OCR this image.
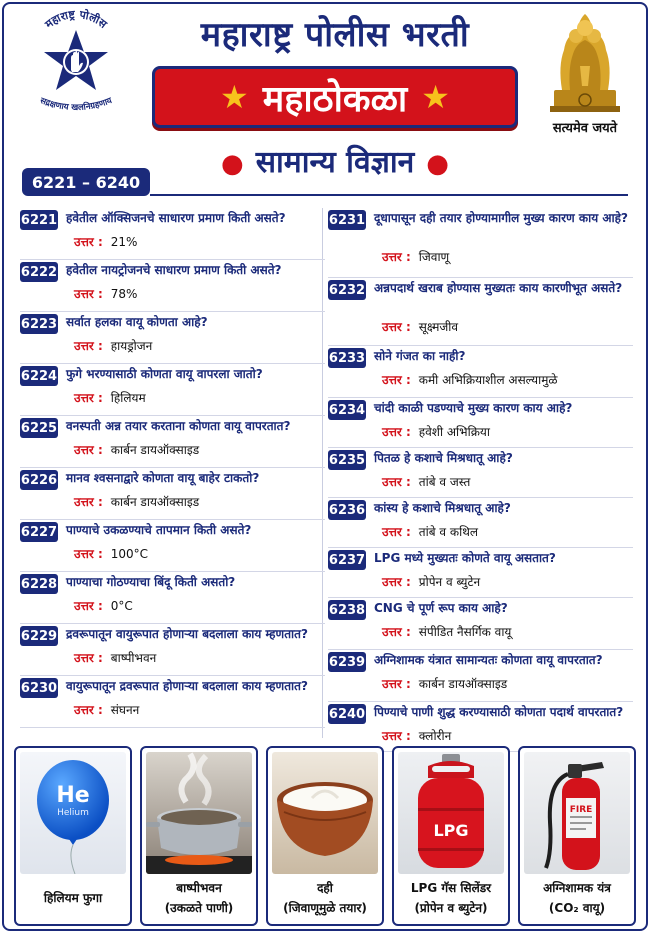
महाराष्ट्र पोलीस
सद्रक्षणाय खलनिग्रहणाय
महाराष्ट्र पोलीस भरती
★ महाठोकळा ★
सत्यमेव जयते
● सामान्य विज्ञान ●
6221 – 6240
6221 हवेतील ऑक्सिजनचे साधारण प्रमाण किती असते?
उत्तर : 21%
6222 हवेतील नायट्रोजनचे साधारण प्रमाण किती असते?
उत्तर : 78%
6223 सर्वात हलका वायू कोणता आहे?
उत्तर : हायड्रोजन
6224 फुगे भरण्यासाठी कोणता वायू वापरला जातो?
उत्तर : हिलियम
6225 वनस्पती अन्न तयार करताना कोणता वायू वापरतात?
उत्तर : कार्बन डायऑक्साइड
6226 मानव श्वसनाद्वारे कोणता वायू बाहेर टाकतो?
उत्तर : कार्बन डायऑक्साइड
6227 पाण्याचे उकळण्याचे तापमान किती असते?
उत्तर : 100°C
6228 पाण्याचा गोठण्याचा बिंदू किती असतो?
उत्तर : 0°C
6229 द्रवरूपातून वायुरूपात होणाऱ्या बदलाला काय म्हणतात?
उत्तर : बाष्पीभवन
6230 वायुरूपातून द्रवरूपात होणाऱ्या बदलाला काय म्हणतात?
उत्तर : संघनन
6231 दूधापासून दही तयार होण्यामागील मुख्य कारण काय आहे?
उत्तर : जिवाणू
6232 अन्नपदार्थ खराब होण्यास मुख्यतः काय कारणीभूत असते?
उत्तर : सूक्ष्मजीव
6233 सोने गंजत का नाही?
उत्तर : कमी अभिक्रियाशील असल्यामुळे
6234 चांदी काळी पडण्याचे मुख्य कारण काय आहे?
उत्तर : हवेशी अभिक्रिया
6235 पितळ हे कशाचे मिश्रधातू आहे?
उत्तर : तांबे व जस्त
6236 कांस्य हे कशाचे मिश्रधातू आहे?
उत्तर : तांबे व कथिल
6237 LPG मध्ये मुख्यतः कोणते वायू असतात?
उत्तर : प्रोपेन व ब्युटेन
6238 CNG चे पूर्ण रूप काय आहे?
उत्तर : संपीडित नैसर्गिक वायू
6239 अग्निशामक यंत्रात सामान्यतः कोणता वायू वापरतात?
उत्तर : कार्बन डायऑक्साइड
6240 पिण्याचे पाणी शुद्ध करण्यासाठी कोणता पदार्थ वापरतात?
उत्तर : क्लोरीन
He
Helium
हिलियम फुगा
बाष्पीभवन
(उकळते पाणी)
दही
(जिवाणूमुळे तयार)
LPG
LPG गॅस सिलेंडर
(प्रोपेन व ब्युटेन)
FIRE
अग्निशामक यंत्र
(CO₂ वायू)
